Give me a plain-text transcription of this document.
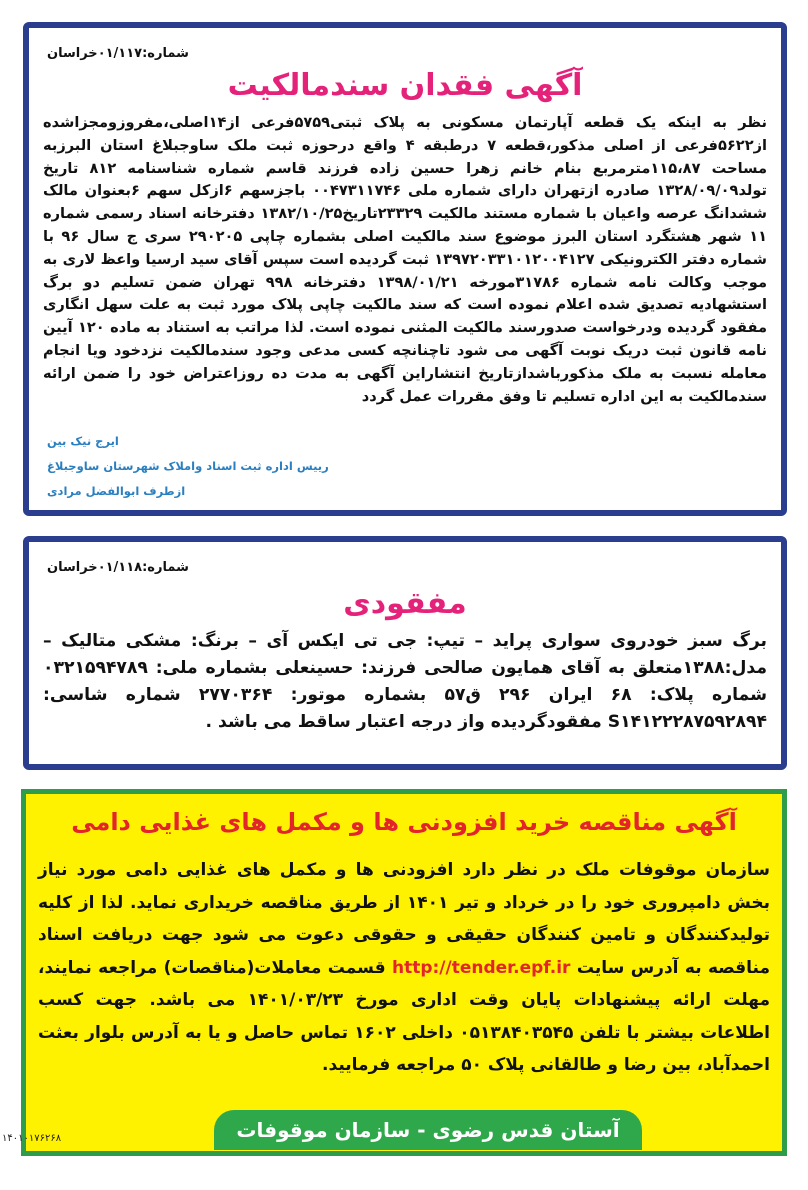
شماره:۰۱/۱۱۷خراسان
آگهی فقدان سندمالکیت
نظر به اینکه یک قطعه آپارتمان مسکونی به پلاک ثبتی۵۷۵۹فرعی از۱۴اصلی،مفروزومجزاشده از۵۶۲۲فرعی از اصلی مذکور،قطعه ۷ درطبقه ۴ واقع درحوزه ثبت ملک ساوجبلاغ استان البرزبه مساحت ۱۱۵،۸۷مترمربع بنام خانم زهرا حسین زاده فرزند قاسم شماره شناسنامه ۸۱۲ تاریخ تولد۱۳۲۸/۰۹/۰۹ صادره ازتهران دارای شماره ملی ۰۰۴۷۳۱۱۷۴۶ باجزسهم ۶ازکل سهم ۶بعنوان مالک ششدانگ عرصه واعیان با شماره مستند مالکیت ۲۳۳۲۹تاریخ۱۳۸۲/۱۰/۲۵ دفترخانه اسناد رسمی شماره ۱۱ شهر هشتگرد استان البرز موضوع سند مالکیت اصلی بشماره چاپی ۲۹۰۲۰۵ سری ج سال ۹۶ با شماره دفتر الکترونیکی ۱۳۹۷۲۰۳۳۱۰۱۲۰۰۴۱۲۷ ثبت گردیده است سپس آقای سید ارسیا واعظ لاری به موجب وکالت نامه شماره ۳۱۷۸۶مورخه ۱۳۹۸/۰۱/۲۱ دفترخانه ۹۹۸ تهران ضمن تسلیم دو برگ استشهادیه تصدیق شده اعلام نموده است که سند مالکیت چاپی پلاک مورد ثبت به علت سهل انگاری مفقود گردیده ودرخواست صدورسند مالکیت المثنی نموده است. لذا مراتب به استناد به ماده ۱۲۰ آیین نامه قانون ثبت دریک نوبت آگهی می شود تاچنانچه کسی مدعی وجود سندمالکیت نزدخود ویا انجام معامله نسبت به ملک مذکورباشدازتاریخ انتشاراین آگهی به مدت ده روزاعتراض خود را ضمن ارائه سندمالکیت به این اداره تسلیم تا وفق مقررات عمل گردد
ایرج نیک بین
رییس اداره ثبت اسناد واملاک شهرستان ساوجبلاغ
ازطرف ابوالفضل مرادی
شماره:۰۱/۱۱۸خراسان
مفقودی
برگ سبز خودروی سواری پراید – تیپ: جی تی ایکس آی – برنگ: مشکی متالیک – مدل:۱۳۸۸متعلق به آقای همایون صالحی فرزند: حسینعلی بشماره ملی: ۰۳۲۱۵۹۴۷۸۹ شماره پلاک: ۶۸ ایران ۲۹۶ ق۵۷ بشماره موتور: ۲۷۷۰۳۶۴ شماره شاسی: S۱۴۱۲۲۲۸۷۵۹۲۸۹۴ مفقودگردیده واز درجه اعتبار ساقط می باشد .
آگهی مناقصه خرید افزودنی ها و مکمل های غذایی دامی
سازمان موقوفات ملک در نظر دارد افزودنی ها و مکمل های غذایی دامی مورد نیاز بخش دامپروری خود را در خرداد و تیر ۱۴۰۱ از طریق مناقصه خریداری نماید. لذا از کلیه تولیدکنندگان و تامین کنندگان حقیقی و حقوقی دعوت می شود جهت دریافت اسناد مناقصه به آدرس سایت http://tender.epf.ir قسمت معاملات(مناقصات) مراجعه نمایند، مهلت ارائه پیشنهادات پایان وقت اداری مورخ ۱۴۰۱/۰۳/۲۳ می باشد. جهت کسب اطلاعات بیشتر با تلفن ۰۵۱۳۸۴۰۳۵۴۵ داخلی ۱۶۰۲ تماس حاصل و یا به آدرس بلوار بعثت احمدآباد، بین رضا و طالقانی پلاک ۵۰ مراجعه فرمایید.
آستان قدس رضوی - سازمان موقوفات ملک
۱۴۰۱۰۱۷۶۲۶۸
